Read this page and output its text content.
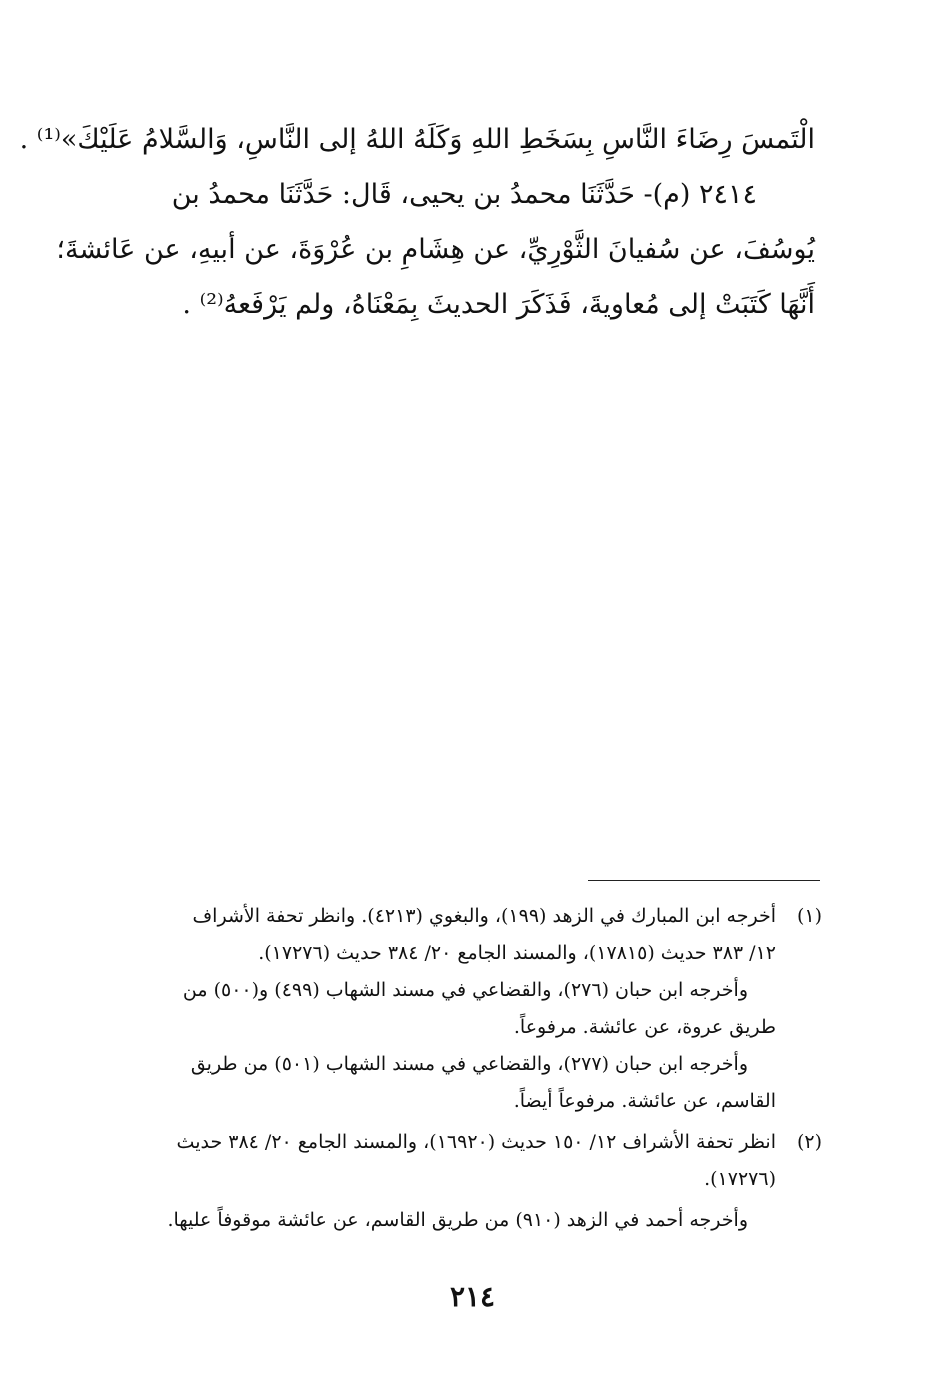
الْتَمسَ رِضَاءَ النَّاسِ بِسَخَطِ اللهِ وَكَلَهُ اللهُ إلى النَّاسِ، وَالسَّلامُ عَلَيْكَ»⁽¹⁾ .
٢٤١٤ (م)- حَدَّثَنَا محمدُ بن يحيى، قَال: حَدَّثَنَا محمدُ بن
يُوسُفَ، عن سُفيانَ الثَّوْرِيِّ، عن هِشَامِ بن عُرْوَةَ، عن أبيهِ، عن عَائشةَ؛
أَنَّهَا كَتَبَتْ إلى مُعاويةَ، فَذَكَرَ الحديثَ بِمَعْنَاهُ، ولم يَرْفَعهُ⁽²⁾ .
(١)
أخرجه ابن المبارك في الزهد (١٩٩)، والبغوي (٤٢١٣). وانظر تحفة الأشراف
١٢/ ٣٨٣ حديث (١٧٨١٥)، والمسند الجامع ٢٠/ ٣٨٤ حديث (١٧٢٧٦).
وأخرجه ابن حبان (٢٧٦)، والقضاعي في مسند الشهاب (٤٩٩) و(٥٠٠) من
طريق عروة، عن عائشة. مرفوعاً.
وأخرجه ابن حبان (٢٧٧)، والقضاعي في مسند الشهاب (٥٠١) من طريق
القاسم، عن عائشة. مرفوعاً أيضاً.
(٢)
انظر تحفة الأشراف ١٢/ ١٥٠ حديث (١٦٩٢٠)، والمسند الجامع ٢٠/ ٣٨٤ حديث
(١٧٢٧٦).
وأخرجه أحمد في الزهد (٩١٠) من طريق القاسم، عن عائشة موقوفاً عليها.
٢١٤
